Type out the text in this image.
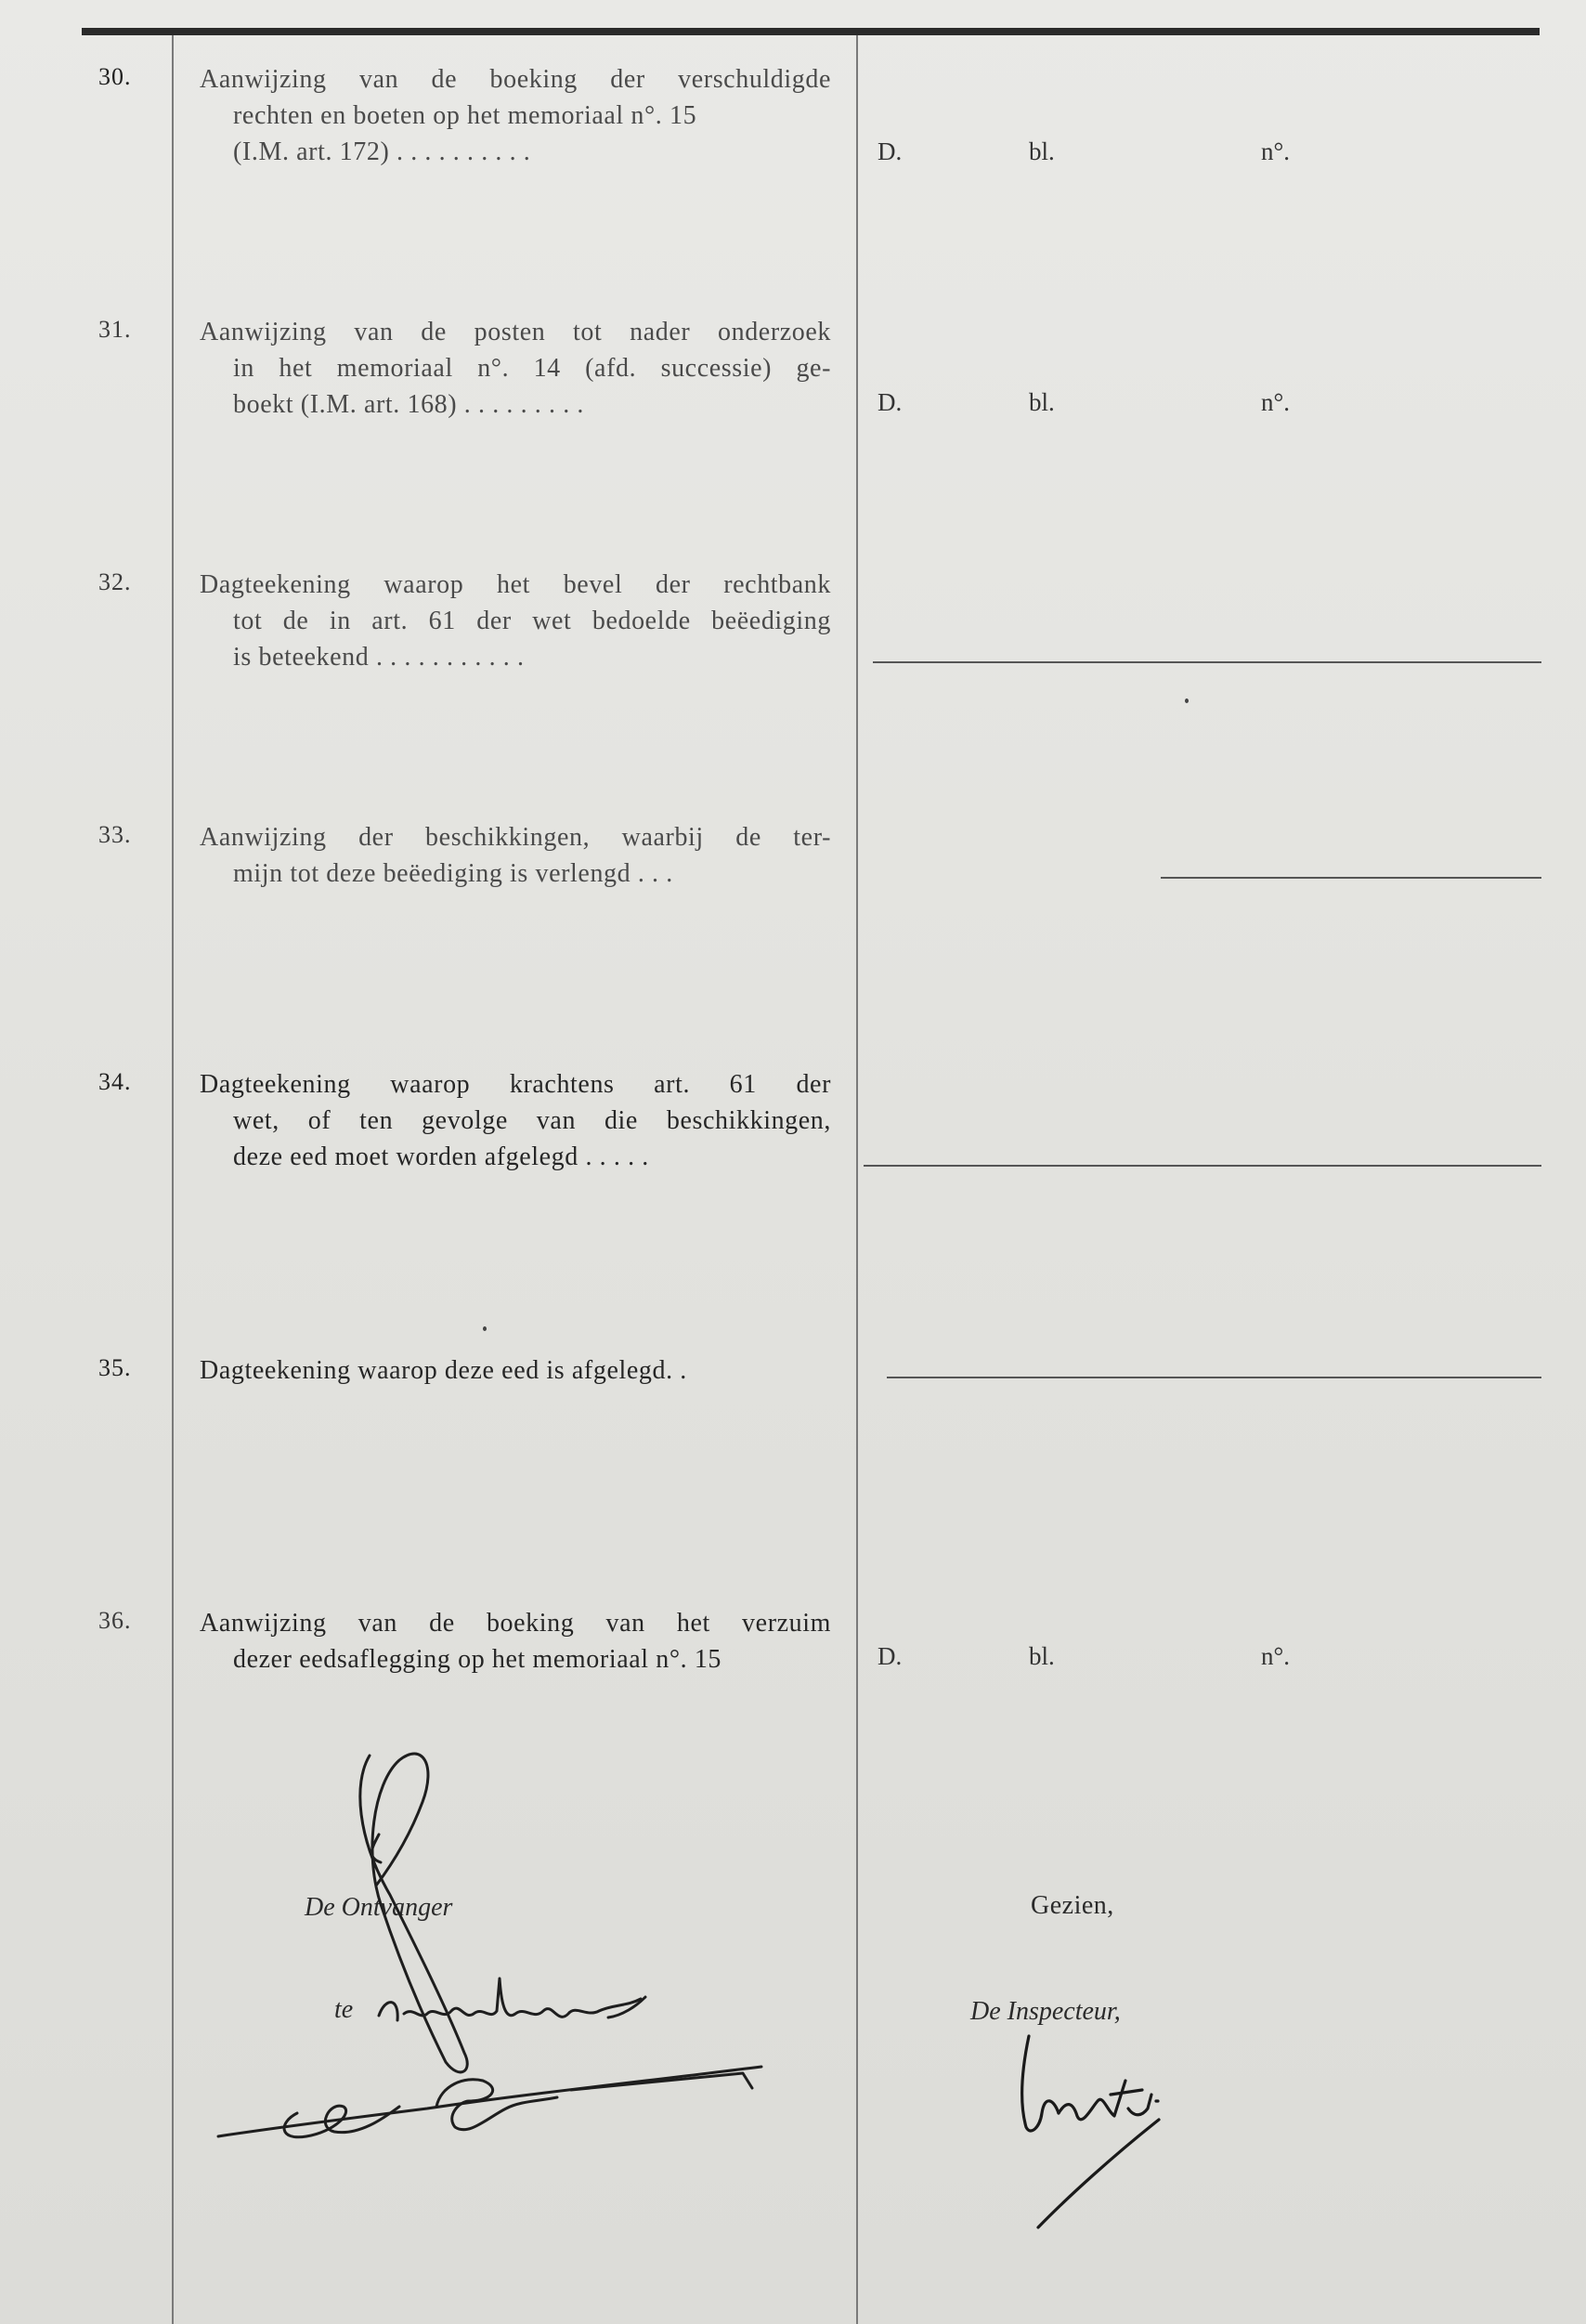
30.	Aanwijzing van de boeking der verschuldigde
rechten en boeten op het memoriaal n°. 15
(I.M. art. 172) . . . . . . . . . .	D.	bl.	n°.
31.	Aanwijzing van de posten tot nader onderzoek
in het memoriaal n°. 14 (afd. successie) ge-
boekt (I.M. art. 168) . . . . . . . . .	D.	bl.	n°.
32.	Dagteekening waarop het bevel der rechtbank
tot de in art. 61 der wet bedoelde beëediging
is beteekend . . . . . . . . . . .
33.	Aanwijzing der beschikkingen, waarbij de ter-
mijn tot deze beëediging is verlengd . . .
34.	Dagteekening waarop krachtens art. 61 der
wet, of ten gevolge van die beschikkingen,
deze eed moet worden afgelegd . . . . .
35.	Dagteekening waarop deze eed is afgelegd. .
36.	Aanwijzing van de boeking van het verzuim
dezer eedsaflegging op het memoriaal n°. 15	D.	bl.	n°.
De Ontvanger
te
Gezien,
De Inspecteur,
